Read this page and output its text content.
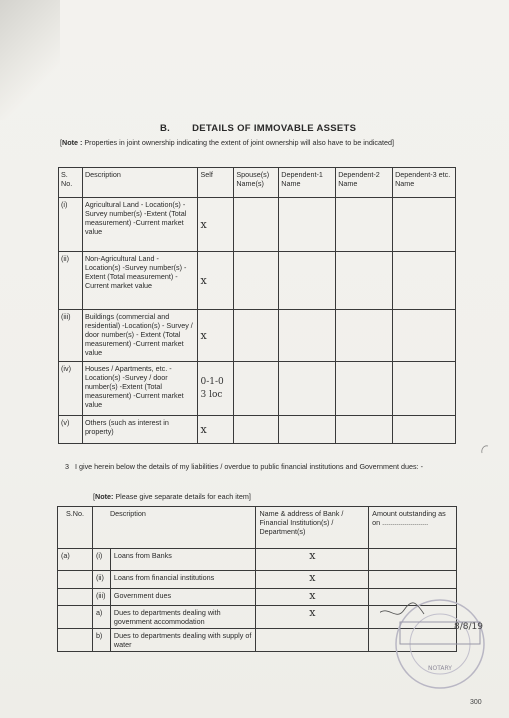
B. DETAILS OF IMMOVABLE ASSETS
[Note : Properties in joint ownership indicating the extent of joint ownership will also have to be indicated]
S. No.	Description	Self	Spouse(s) Name(s)	Dependent-1 Name	Dependent-2 Name	Dependent-3 etc. Name
(i)	Agricultural Land - Location(s) -Survey number(s) -Extent (Total measurement) -Current market value	x				
(ii)	Non-Agricultural Land - Location(s) -Survey number(s) -Extent (Total measurement) -Current market value	x				
(iii)	Buildings (commercial and residential) -Location(s) - Survey / door number(s) - Extent (Total measurement) -Current market value	x				
(iv)	Houses / Apartments, etc. - Location(s) -Survey / door number(s) -Extent (Total measurement) -Current market value	0-1-0
3 loc				
(v)	Others (such as interest in property)	x				
3 I give herein below the details of my liabilities / overdue to public financial institutions and Government dues: -
[Note: Please give separate details for each item]
S.No.	Description		Name & address of Bank / Financial Institution(s) / Department(s)	Amount outstanding as on .......................
(a)	(i)	Loans from Banks	x	
	(ii)	Loans from financial institutions	x	
	(iii)	Government dues	x	
	a)	Dues to departments dealing with government accommodation	x	
	b)	Dues to departments dealing with supply of water		
8/8/19
NOTARY
300
